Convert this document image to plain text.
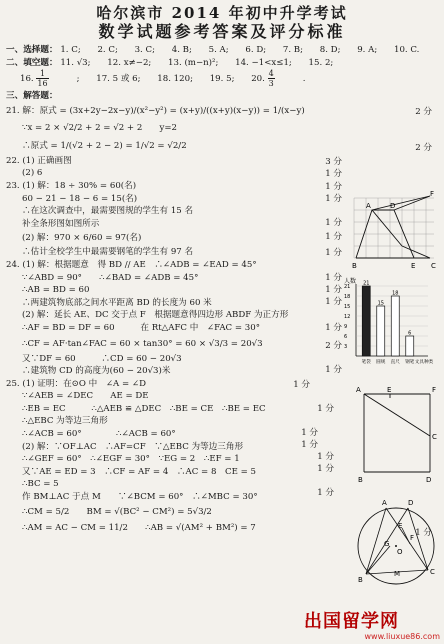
哈尔滨市 2014 年初中升学考试
数学试题参考答案及评分标准
一、选择题： 1. C; 2. C; 3. C; 4. B; 5. A; 6. D; 7. B; 8. D; 9. A; 10. C.
二、填空题： 11. √3; 12. x≠−2; 13. (m−n)²; 14. −1<x≤1; 15. 2;
16. $\frac{1}{16}$ ; 17. 5 或 6; 18. 120; 19. 5; 20. $\frac{4}{3}$ .
三、解答题：
21. 解：原式 = (3x+2y−2x−y)/(x²−y²) = (x+y)/((x+y)(x−y)) = 1/(x−y)
∵x = 2 × √2/2 + 2 = √2 + 2　　y=2
∴原式 = 1/(√2 + 2 − 2) = 1/√2 = √2/2
2 分
2 分
22. (1) 正确画图
(2) 6
3 分
1 分
23. (1) 解：18 ÷ 30% = 60(名)
60 − 21 − 18 − 6 = 15(名)
∴在这次调查中，最需要图规的学生有 15 名
补全条形图如图所示
(2) 解：970 × 6/60 = 97(名)
∴估计全校学生中最需要钢笔的学生有 97 名
1 分
1 分
1 分
1 分
1 分
24. (1) 解：根据题意　得 BD // AE　∴∠ADB = ∠EAD = 45°
∵∠ABD = 90°　　∴∠BAD = ∠ADB = 45°
∴AB = BD = 60
∴两建筑物底部之间水平距离 BD 的长度为 60 米
(2) 解：延长 AE、DC 交于点 F　根据题意得四边形 ABDF 为正方形
∴AF = BD = DF = 60　　　在 Rt△AFC 中　∠FAC = 30°
∴CF = AF·tan∠FAC = 60 × tan30° = 60 × √3/3 = 20√3
又∵DF = 60　　　∴CD = 60 − 20√3
∴建筑物 CD 的高度为(60 − 20√3)米
1 分
1 分
1 分
1 分
2 分
1 分
25. (1) 证明：在⊙O 中　∠A = ∠D
∵∠AEB = ∠DEC　　AE = DE
∴EB = EC　　　∴△AEB ≌ △DEC　∴BE = CE　∴BE = EC
∴△EBC 为等边三角形
∴∠ACB = 60°　　　　∴∠ACB = 60°
(2) 解：∵OF⊥AC　∴AF=CF　∵△EBC 为等边三角形
∴∠GEF = 60°　∴∠EGF = 30°　∵EG = 2　∴EF = 1
又∵AE = ED = 3　∴CF = AF = 4　∴AC = 8　CE = 5
∴BC = 5
作 BM⊥AC 于点 M　　∵∠BCM = 60°　∴∠MBC = 30°
∴CM = 5/2　　BM = √(BC² − CM²) = 5√3/2
∴AM = AC − CM = 11/2　　∴AB = √(AM² + BM²) = 7
1 分
1 分
1 分
1 分
1 分
1 分
1 分
1 分
A	D
F
B	E C
人数
21
18
15
12
9
6
3
21
15
18
6
笔袋 圆规 直尺 钢笔 文具种类
A	E	F
C
B	D
A	D
E
F
G
O
B
M	C
出国留学网
www.liuxue86.com
